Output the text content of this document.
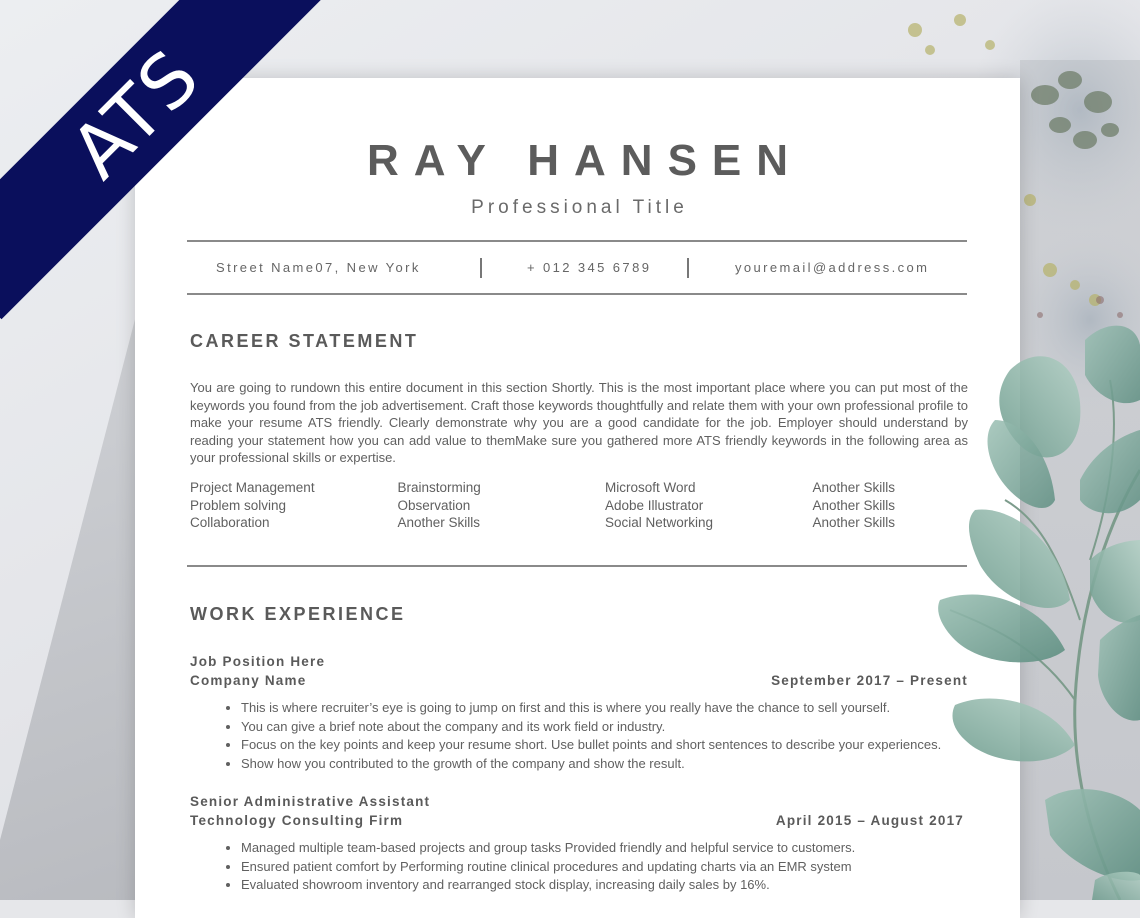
RAY HANSEN
Professional Title
Street Name07, New York	+ 012 345 6789	youremail@address.com
CAREER STATEMENT
You are going to rundown this entire document in this section Shortly. This is the most important place where you can put most of the keywords you found from the job advertisement. Craft those keywords thoughtfully and relate them with your own professional profile to make your resume ATS friendly. Clearly demonstrate why you are a good candidate for the job. Employer should understand by reading your statement how you can add value to themMake sure you gathered more ATS friendly keywords in the following area as your professional skills or expertise.
Project Management	Brainstorming	Microsoft Word	Another Skills
Problem solving	Observation	Adobe Illustrator	Another Skills
Collaboration	Another Skills	Social Networking	Another Skills
WORK EXPERIENCE
Job Position Here
Company Name	September 2017 – Present
• This is where recruiter’s eye is going to jump on first and this is where you really have the chance to sell yourself.
• You can give a brief note about the company and its work field or industry.
• Focus on the key points and keep your resume short. Use bullet points and short sentences to describe your experiences.
• Show how you contributed to the growth of the company and show the result.
Senior Administrative Assistant
Technology Consulting Firm	April 2015 – August 2017
• Managed multiple team-based projects and group tasks Provided friendly and helpful service to customers.
• Ensured patient comfort by Performing routine clinical procedures and updating charts via an EMR system
• Evaluated showroom inventory and rearranged stock display, increasing daily sales by 16%.
ATS
